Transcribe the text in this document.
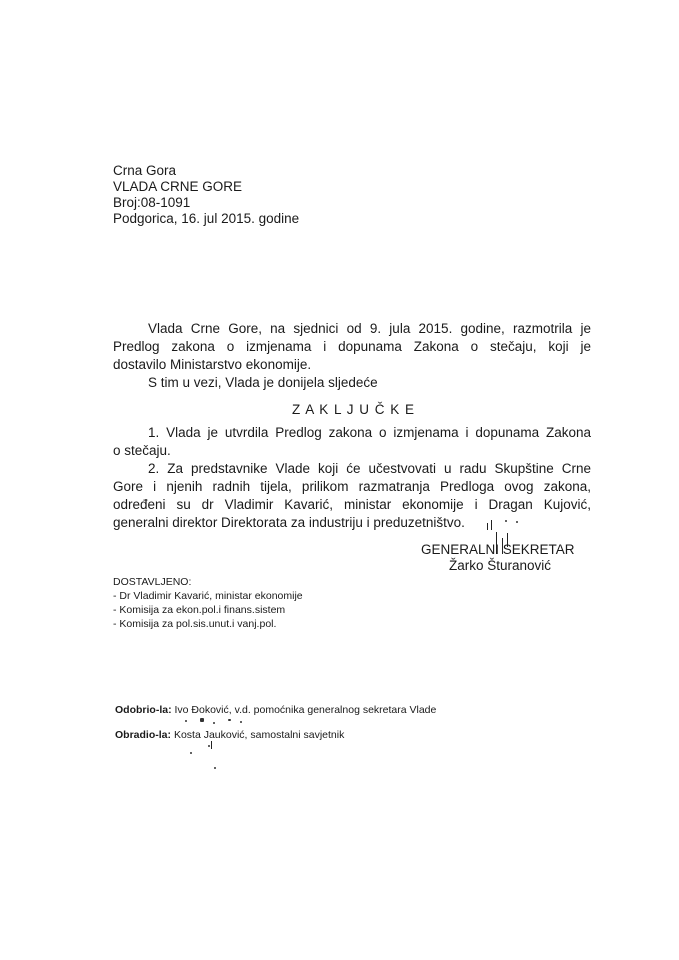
Crna Gora
VLADA CRNE GORE
Broj:08-1091
Podgorica, 16. jul 2015. godine
Vlada Crne Gore, na sjednici od 9. jula 2015. godine, razmotrila je
Predlog zakona o izmjenama i dopunama Zakona o stečaju, koji je
dostavilo Ministarstvo ekonomije.
S tim u vezi, Vlada je donijela sljedeće
Z A K L J U Č K E
1. Vlada je utvrdila Predlog zakona o izmjenama i dopunama Zakona
o stečaju.
2. Za predstavnike Vlade koji će učestvovati u radu Skupštine Crne
Gore i njenih radnih tijela, prilikom razmatranja Predloga ovog zakona,
određeni su dr Vladimir Kavarić, ministar ekonomije i Dragan Kujović,
generalni direktor Direktorata za industriju i preduzetništvo.
GENERALNI SEKRETAR
Žarko Šturanović
DOSTAVLJENO:
- Dr Vladimir Kavarić, ministar ekonomije
- Komisija za ekon.pol.i finans.sistem
- Komisija za pol.sis.unut.i vanj.pol.
Odobrio-la: Ivo Đoković, v.d. pomoćnika generalnog sekretara Vlade
Obradio-la: Kosta Jauković, samostalni savjetnik
